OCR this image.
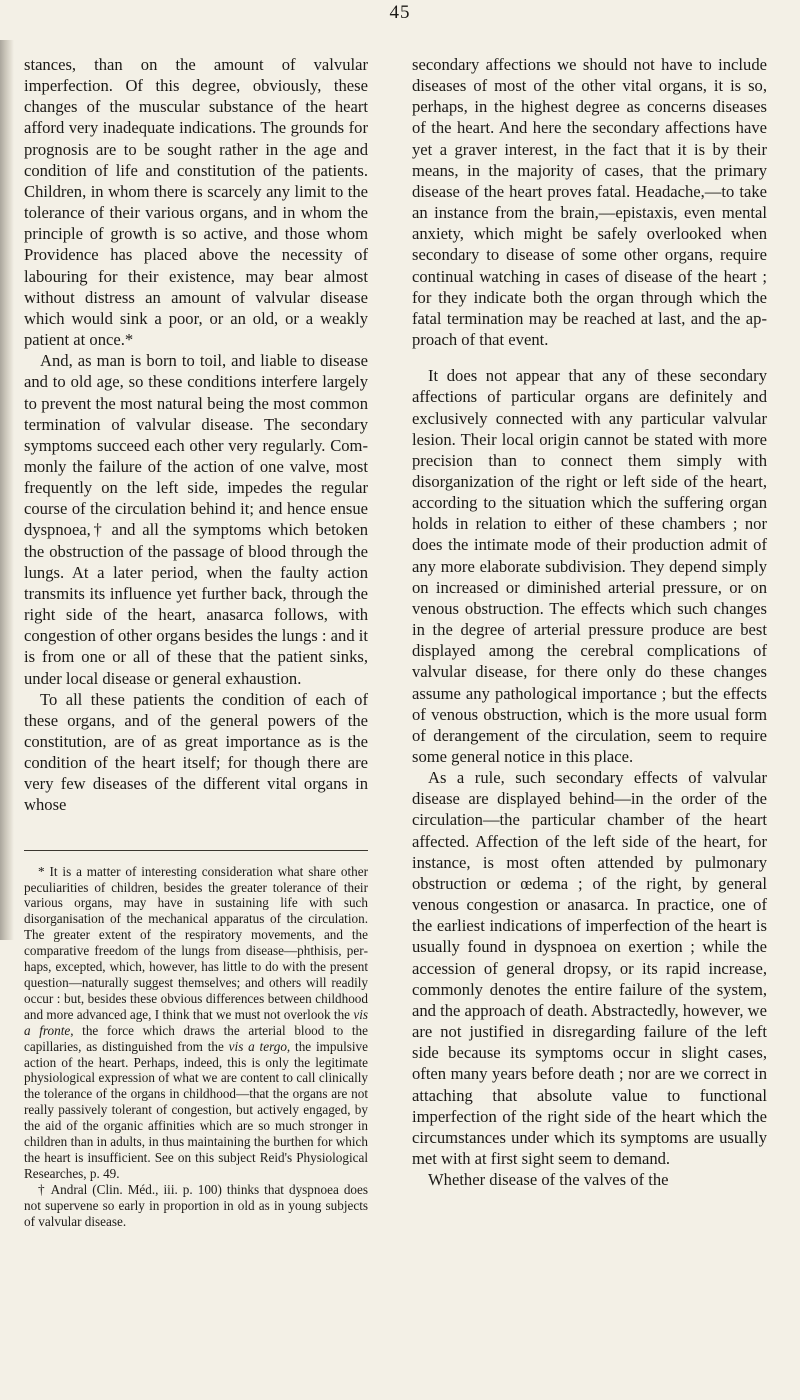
45

stances, than on the amount of valvular imperfection. Of this degree, obviously, these changes of the muscular substance of the heart afford very inadequate indications. The grounds for prognosis are to be sought rather in the age and condition of life and constitution of the patients. Children, in whom there is scarcely any limit to the tolerance of their various organs, and in whom the principle of growth is so active, and those whom Providence has placed above the necessity of labouring for their existence, may bear almost without distress an amount of valvular disease which would sink a poor, or an old, or a weakly patient at once.*

And, as man is born to toil, and liable to disease and to old age, so these conditions interfere largely to prevent the most natural being the most common termination of valvular disease. The secondary symptoms succeed each other very regularly. Commonly the failure of the action of one valve, most frequently on the left side, impedes the regular course of the circulation behind it; and hence ensue dyspnoea,† and all the symptoms which betoken the obstruction of the passage of blood through the lungs. At a later period, when the faulty action transmits its influence yet further back, through the right side of the heart, anasarca follows, with congestion of other organs besides the lungs : and it is from one or all of these that the patient sinks, under local disease or general exhaustion.

To all these patients the condition of each of these organs, and of the general powers of the constitution, are of as great importance as is the condition of the heart itself; for though there are very few diseases of the different vital organs in whose

* It is a matter of interesting consideration what share other peculiarities of children, besides the greater tolerance of their various organs, may have in sustaining life with such disorganisation of the mechanical apparatus of the circulation. The greater extent of the respiratory movements, and the comparative freedom of the lungs from disease—phthisis, perhaps, excepted, which, however, has little to do with the present question—naturally suggest themselves; and others will readily occur : but, besides these obvious differences between childhood and more advanced age, I think that we must not overlook the vis a fronte, the force which draws the arterial blood to the capillaries, as distinguished from the vis a tergo, the impulsive action of the heart. Perhaps, indeed, this is only the legitimate physiological expression of what we are content to call clinically the tolerance of the organs in childhood—that the organs are not really passively tolerant of congestion, but actively engaged, by the aid of the organic affinities which are so much stronger in children than in adults, in thus maintaining the burthen for which the heart is insufficient. See on this subject Reid's Physiological Researches, p. 49.

† Andral (Clin. Méd., iii. p. 100) thinks that dyspnoea does not supervene so early in proportion in old as in young subjects of valvular disease.

secondary affections we should not have to include diseases of most of the other vital organs, it is so, perhaps, in the highest degree as concerns diseases of the heart. And here the secondary affections have yet a graver interest, in the fact that it is by their means, in the majority of cases, that the primary disease of the heart proves fatal. Headache,—to take an instance from the brain,—epistaxis, even mental anxiety, which might be safely overlooked when secondary to disease of some other organs, require continual watching in cases of disease of the heart ; for they indicate both the organ through which the fatal termination may be reached at last, and the approach of that event.

It does not appear that any of these secondary affections of particular organs are definitely and exclusively connected with any particular valvular lesion. Their local origin cannot be stated with more precision than to connect them simply with disorganization of the right or left side of the heart, according to the situation which the suffering organ holds in relation to either of these chambers ; nor does the intimate mode of their production admit of any more elaborate subdivision. They depend simply on increased or diminished arterial pressure, or on venous obstruction. The effects which such changes in the degree of arterial pressure produce are best displayed among the cerebral complications of valvular disease, for there only do these changes assume any pathological importance ; but the effects of venous obstruction, which is the more usual form of derangement of the circulation, seem to require some general notice in this place.

As a rule, such secondary effects of valvular disease are displayed behind—in the order of the circulation—the particular chamber of the heart affected. Affection of the left side of the heart, for instance, is most often attended by pulmonary obstruction or œdema ; of the right, by general venous congestion or anasarca. In practice, one of the earliest indications of imperfection of the heart is usually found in dyspnoea on exertion ; while the accession of general dropsy, or its rapid increase, commonly denotes the entire failure of the system, and the approach of death. Abstractedly, however, we are not justified in disregarding failure of the left side because its symptoms occur in slight cases, often many years before death ; nor are we correct in attaching that absolute value to functional imperfection of the right side of the heart which the circumstances under which its symptoms are usually met with at first sight seem to demand.

Whether disease of the valves of the
